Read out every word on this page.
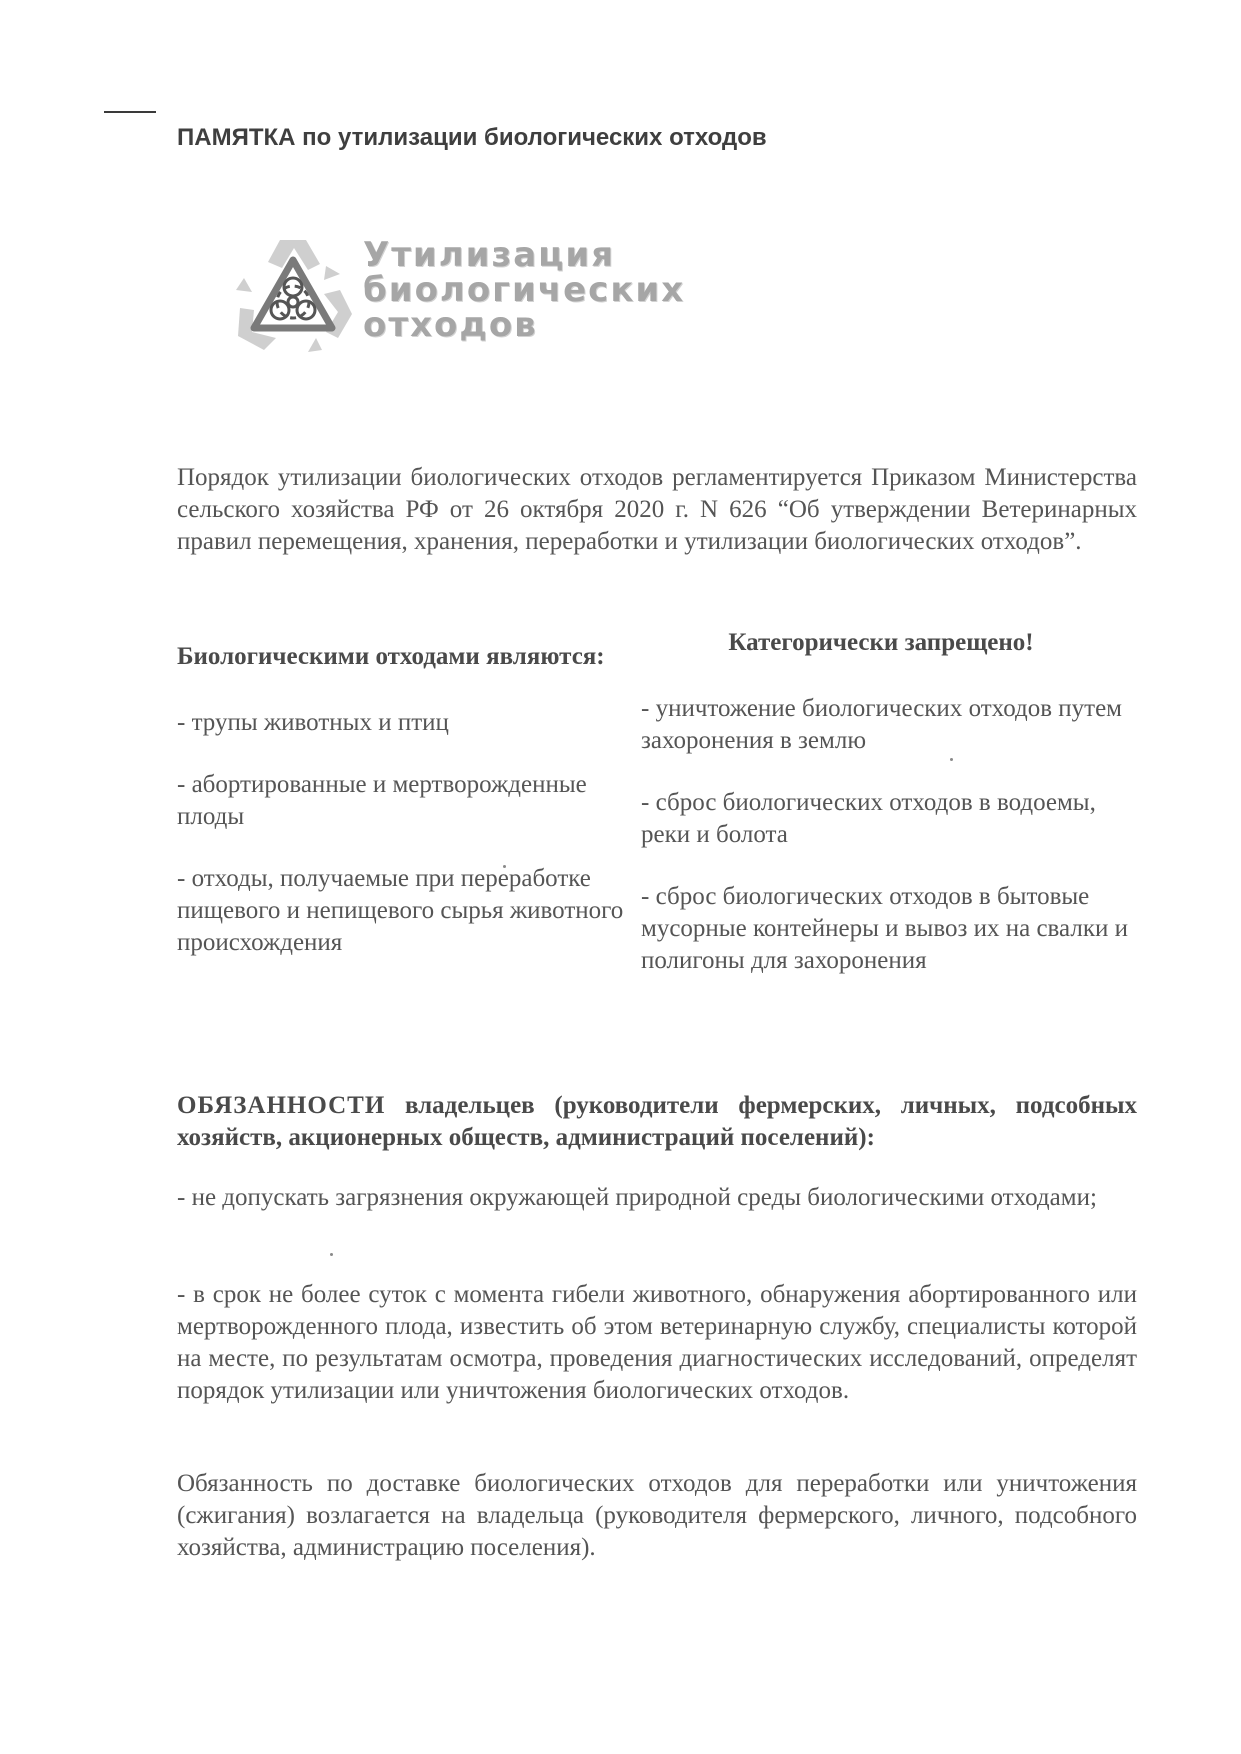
ПАМЯТКА по утилизации биологических отходов
Утилизация
биологических
отходов
Порядок утилизации биологических отходов регламентируется Приказом Министерства сельского хозяйства РФ от 26 октября 2020 г. N 626 “Об утверждении Ветеринарных правил перемещения, хранения, переработки и утилизации биологических отходов”.

Биологическими отходами являются:

- трупы животных и птиц

- абортированные и мертворожденные плоды

- отходы, получаемые при переработке пищевого и непищевого сырья животного происхождения

Категорически запрещено!

- уничтожение биологических отходов путем захоронения в землю

- сброс биологических отходов в водоемы, реки и болота

- сброс биологических отходов в бытовые мусорные контейнеры и вывоз их на свалки и полигоны для захоронения

ОБЯЗАННОСТИ владельцев (руководители фермерских, личных, подсобных хозяйств, акционерных обществ, администраций поселений):

- не допускать загрязнения окружающей природной среды биологическими отходами;

- в срок не более суток с момента гибели животного, обнаружения абортированного или мертворожденного плода, известить об этом ветеринарную службу, специалисты которой на месте, по результатам осмотра, проведения диагностических исследований, определят порядок утилизации или уничтожения биологических отходов.

Обязанность по доставке биологических отходов для переработки или уничтожения (сжигания) возлагается на владельца (руководителя фермерского, личного, подсобного хозяйства, администрацию поселения).
